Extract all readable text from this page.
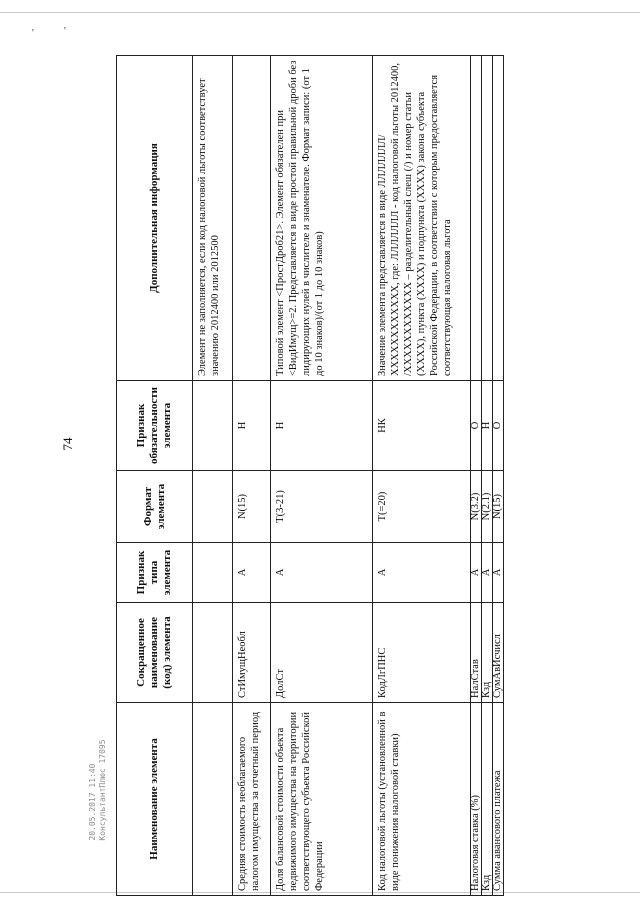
'	'
74
20.05.2017 11:40 КонсультантПлюс 17095	Наименование элемента	Сокращенное наименование (код) элемента	Признак типа элемента	Формат элемента	Признак обязательности элемента	Дополнительная информация
					Элемент не заполняется, если код налоговой льготы соответствует значению 2012400 или 2012500
Средняя стоимость необлагаемого налогом имущества за отчетный период	СтИмущНеобл	А	N(15)	Н	
Доля балансовой стоимости объекта недвижимого имущества на территории соответствующего субъекта Российской Федерации	ДолСт	А	T(3-21)	Н	Типовой элемент <ПростДроб21>. Элемент обязателен при <ВидИмущ>=2. Представляется в виде простой правильной дроби без лидирующих нулей в числителе и знаменателе. Формат записи: (от 1 до 10 знаков)/(от 1 до 10 знаков)
Код налоговой льготы (установленной в виде понижения налоговой ставки)	КодЛгПНС	А	T(=20)	НК	Значение элемента представляется в виде ЛЛЛЛЛЛЛ/ХХХХХХХХХХХХ, где: ЛЛЛЛЛЛЛ - код налоговой льготы 2012400, /ХХХХХХХХХХХХ – разделительный слеш (/) и номер статьи (ХХХХ), пункта (ХХХХ) и подпункта (ХХХХ) закона субъекта Российской Федерации, в соответствии с которым предоставляется соответствующая налоговая льгота
Налоговая ставка (%)	НалСтав	А	N(3.2)	О	
Кзд	Кзд	А	N(2.1)	Н	
Сумма авансового платежа	СумАвИсчисл	А	N(15)	О	
